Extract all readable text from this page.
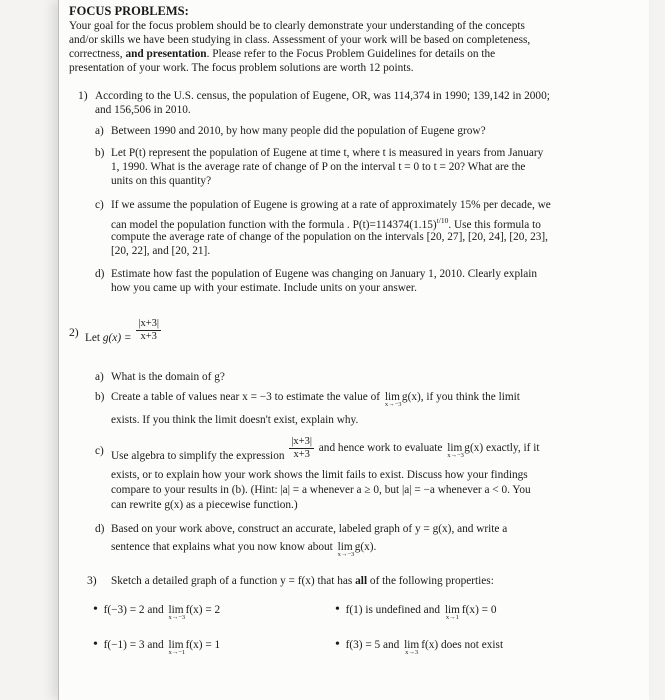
FOCUS PROBLEMS:
Your goal for the focus problem should be to clearly demonstrate your understanding of the concepts
and/or skills we have been studying in class. Assessment of your work will be based on completeness,
correctness, and presentation. Please refer to the Focus Problem Guidelines for details on the
presentation of your work. The focus problem solutions are worth 12 points.
1) According to the U.S. census, the population of Eugene, OR, was 114,374 in 1990; 139,142 in 2000;
and 156,506 in 2010.
a) Between 1990 and 2010, by how many people did the population of Eugene grow?
b) Let P(t) represent the population of Eugene at time t, where t is measured in years from January
1, 1990. What is the average rate of change of P on the interval t = 0 to t = 20? What are the
units on this quantity?
c) If we assume the population of Eugene is growing at a rate of approximately 15% per decade, we
can model the population function with the formula . $P(t)=114374(1.15)^{t/10}$. Use this formula to
compute the average rate of change of the population on the intervals [20, 27], [20, 24], [20, 23],
[20, 22], and [20, 21].
d) Estimate how fast the population of Eugene was changing on January 1, 2010. Clearly explain
how you came up with your estimate. Include units on your answer.
2) Let $g(x) = \frac{|x+3|}{x+3}$
a) What is the domain of g?
b) Create a table of values near x = −3 to estimate the value of lim
x→−3
g(x), if you think the limit
exists. If you think the limit doesn't exist, explain why.
c) Use algebra to simplify the expression $\frac{|x+3|}{x+3}$ and hence work to evaluate lim
x→−3
g(x) exactly, if it
exists, or to explain how your work shows the limit fails to exist. Discuss how your findings
compare to your results in (b). (Hint: |a| = a whenever a ≥ 0, but |a| = −a whenever a < 0. You
can rewrite g(x) as a piecewise function.)
d) Based on your work above, construct an accurate, labeled graph of y = g(x), and write a
sentence that explains what you now know about lim
x→−3
g(x).
3) Sketch a detailed graph of a function y = f(x) that has all of the following properties:
• f(−3) = 2 and lim
x→−3
f(x) = 2	• f(1) is undefined and lim
x→1
f(x) = 0
• f(−1) = 3 and lim
x→−1
f(x) = 1	• f(3) = 5 and lim
x→3
f(x) does not exist
